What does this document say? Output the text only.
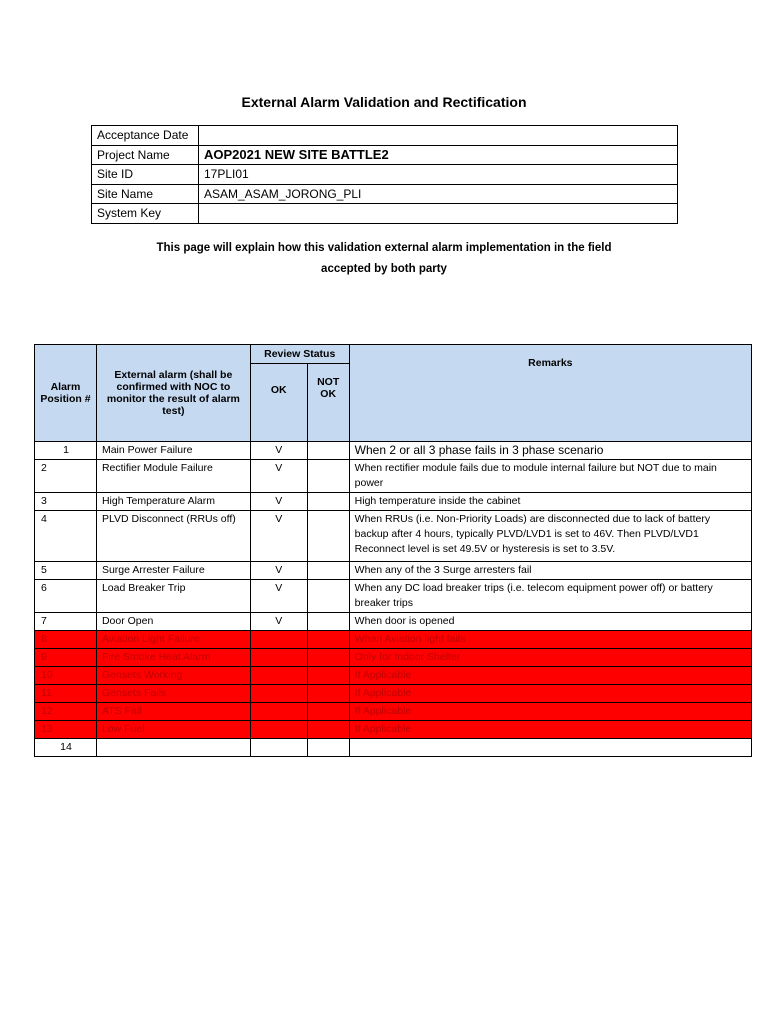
External Alarm Validation and Rectification
Acceptance Date	
Project Name	AOP2021 NEW SITE BATTLE2
Site ID	17PLI01
Site Name	ASAM_ASAM_JORONG_PLI
System Key	
This page will explain how this validation external alarm implementation in the field accepted by both party
Alarm Position #	External alarm (shall be confirmed with NOC to monitor the result of alarm test)	Review Status		Remarks
		OK	NOT OK	
1	Main Power Failure	V		When 2 or all 3 phase fails in 3 phase scenario
2	Rectifier Module Failure	V		When rectifier module fails due to module internal failure but NOT due to main power
3	High Temperature Alarm	V		High temperature inside the cabinet
4	PLVD Disconnect (RRUs off)	V		When RRUs (i.e. Non-Priority Loads) are disconnected due to lack of battery backup after 4 hours, typically PLVD/LVD1 is set to 46V. Then PLVD/LVD1 Reconnect level is set 49.5V or hysteresis is set to 3.5V.
5	Surge Arrester Failure	V		When any of the 3 Surge arresters fail
6	Load Breaker Trip	V		When any DC load breaker trips (i.e. telecom equipment power off) or battery breaker trips
7	Door Open	V		When door is opened
8	Aviation Light Failure			When Aviation light fails
9	Fire Smoke Heat Alarm			Only for Indoor Shelter
10	Gensets Working			If Applicable
11	Gensets Fails			If Applicable
12	ATS Fail			If Applicable
13	Low Fuel			If Applicable
14				
